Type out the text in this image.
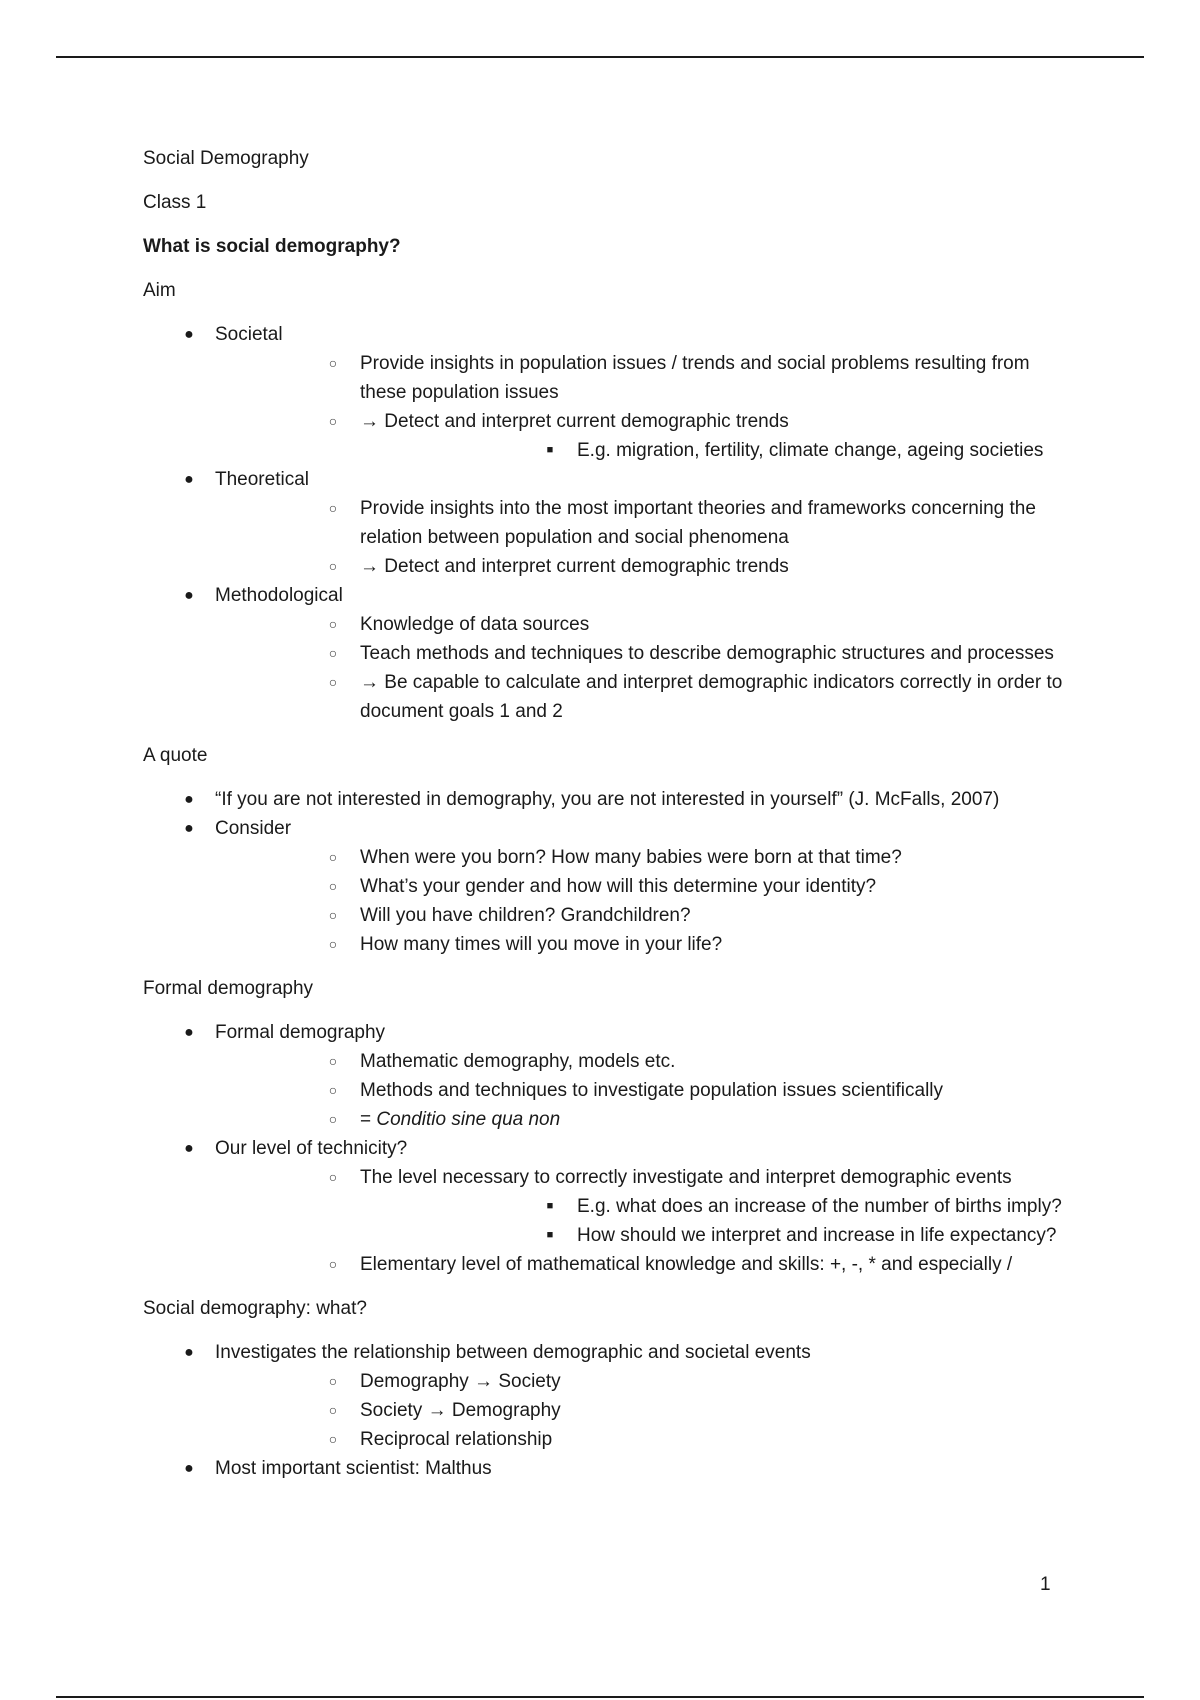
Social Demography

Class 1

What is social demography?

Aim

● Societal
○	Provide insights in population issues / trends and social problems resulting from these population issues
○	→ Detect and interpret current demographic trends
■	E.g. migration, fertility, climate change, ageing societies
● Theoretical
○	Provide insights into the most important theories and frameworks concerning the relation between population and social phenomena
○	→ Detect and interpret current demographic trends
● Methodological
○	Knowledge of data sources
○	Teach methods and techniques to describe demographic structures and processes
○	→ Be capable to calculate and interpret demographic indicators correctly in order to document goals 1 and 2

A quote

● “If you are not interested in demography, you are not interested in yourself” (J. McFalls, 2007)
● Consider
○	When were you born? How many babies were born at that time?
○	What’s your gender and how will this determine your identity?
○	Will you have children? Grandchildren?
○	How many times will you move in your life?

Formal demography

● Formal demography
○	Mathematic demography, models etc.
○	Methods and techniques to investigate population issues scientifically
○	= Conditio sine qua non
● Our level of technicity?
○	The level necessary to correctly investigate and interpret demographic events
■	E.g. what does an increase of the number of births imply?
■	How should we interpret and increase in life expectancy?
○	Elementary level of mathematical knowledge and skills: +, -, * and especially /

Social demography: what?

● Investigates the relationship between demographic and societal events
○	Demography → Society
○	Society → Demography
○	Reciprocal relationship
● Most important scientist: Malthus
1
